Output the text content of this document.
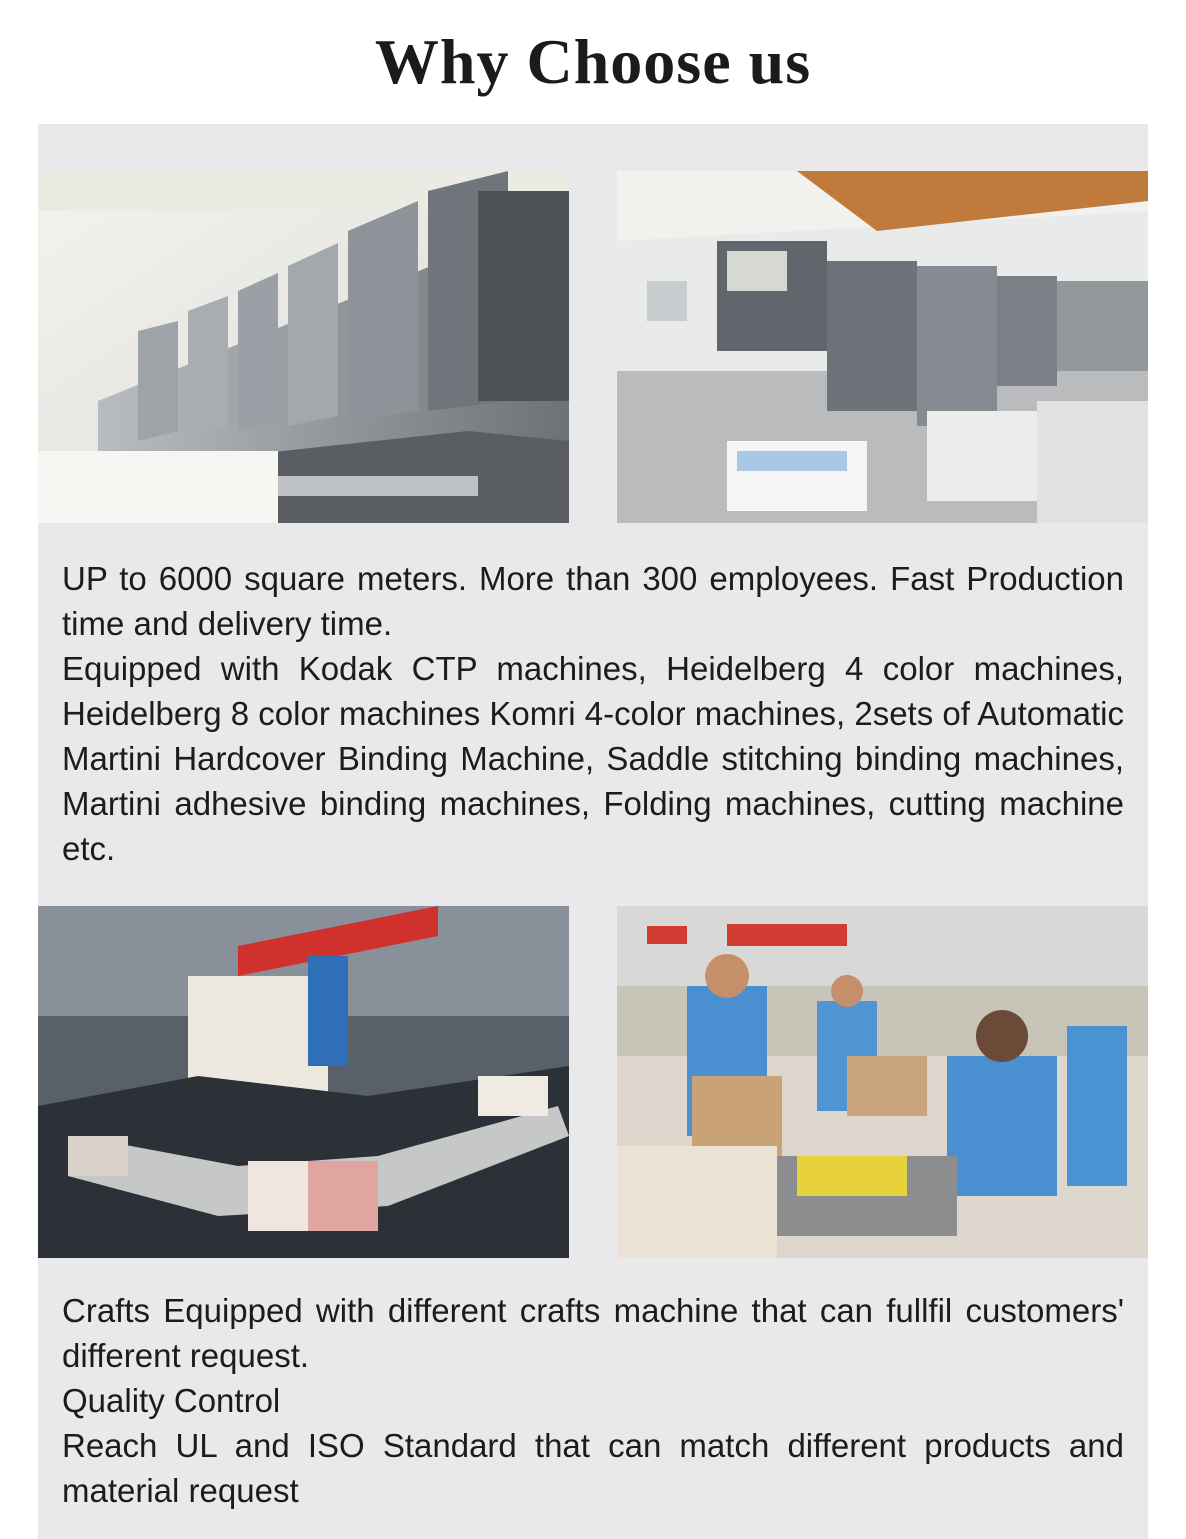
Why Choose us

UP to 6000 square meters. More than 300 employees. Fast Production time and delivery time.

Equipped with Kodak CTP machines, Heidelberg 4 color machines, Heidelberg 8 color machines Komri 4-color machines, 2sets of Automatic Martini Hardcover Binding Machine, Saddle stitching binding machines, Martini adhesive binding machines, Folding machines, cutting machine etc.

Crafts Equipped with different crafts machine that can fullfil customers' different request.

Quality Control

Reach UL and ISO Standard that can match different products and material request
